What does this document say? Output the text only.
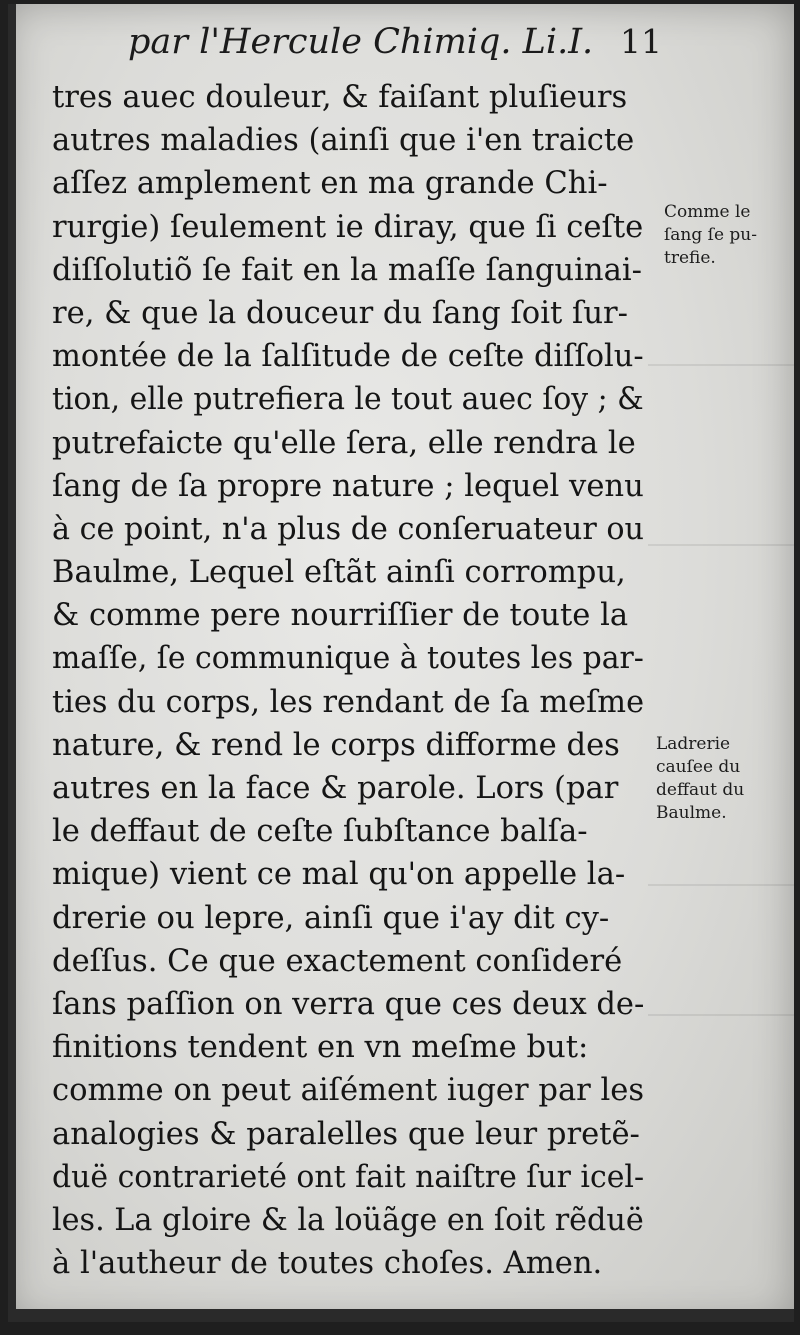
par l'Hercule Chimiq. Li.I. 11
tres auec douleur, & faiſant pluſieurs
autres maladies (ainſi que i'en traicte
aſſez amplement en ma grande Chi-
rurgie) ſeulement ie diray, que ſi ceſte
diſſolutiõ ſe fait en la maſſe ſanguinai-
re, & que la douceur du ſang ſoit ſur-
montée de la ſalſitude de ceſte diſſolu-
tion, elle putrefiera le tout auec ſoy ; &
putrefaicte qu'elle ſera, elle rendra le
ſang de ſa propre nature ; lequel venu
à ce point, n'a plus de conſeruateur ou
Baulme, Lequel eſtãt ainſi corrompu,
& comme pere nourriſſier de toute la
maſſe, ſe communique à toutes les par-
ties du corps, les rendant de ſa meſme
nature, & rend le corps difforme des
autres en la face & parole. Lors (par
le deffaut de ceſte ſubſtance balſa-
mique) vient ce mal qu'on appelle la-
drerie ou lepre, ainſi que i'ay dit cy-
deſſus. Ce que exactement conſideré
ſans paſſion on verra que ces deux de-
finitions tendent en vn meſme but:
comme on peut aiſément iuger par les
analogies & paralelles que leur pretẽ-
duë contrarieté ont fait naiſtre ſur icel-
les. La gloire & la loüãge en ſoit rẽduë
à l'autheur de toutes choſes. Amen.
Comme le
ſang ſe pu-
trefie.
Ladrerie
cauſee du
deffaut du
Baulme.
